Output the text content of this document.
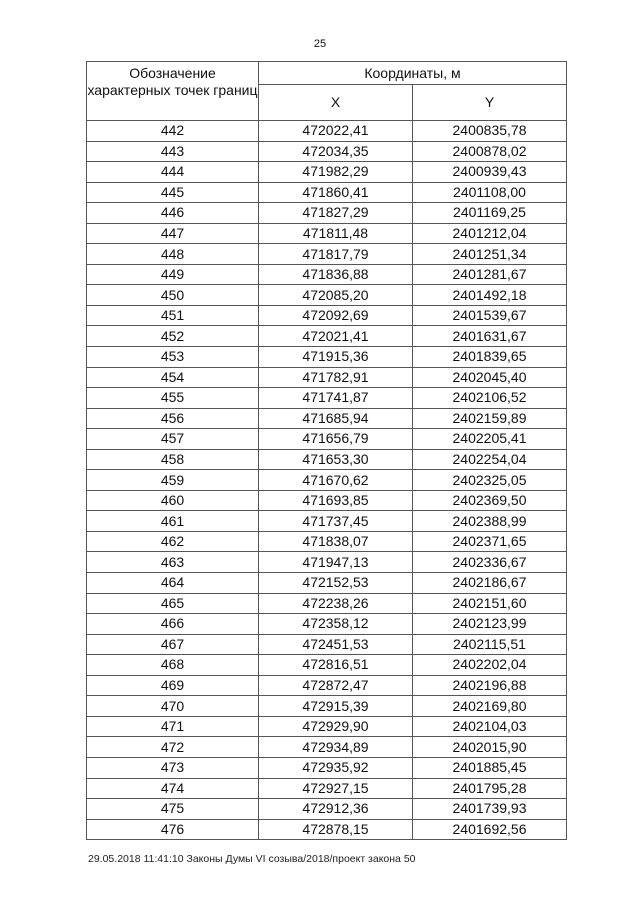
25
Обозначение характерных точек границ	Координаты, м	
	X	Y
442	472022,41	2400835,78
443	472034,35	2400878,02
444	471982,29	2400939,43
445	471860,41	2401108,00
446	471827,29	2401169,25
447	471811,48	2401212,04
448	471817,79	2401251,34
449	471836,88	2401281,67
450	472085,20	2401492,18
451	472092,69	2401539,67
452	472021,41	2401631,67
453	471915,36	2401839,65
454	471782,91	2402045,40
455	471741,87	2402106,52
456	471685,94	2402159,89
457	471656,79	2402205,41
458	471653,30	2402254,04
459	471670,62	2402325,05
460	471693,85	2402369,50
461	471737,45	2402388,99
462	471838,07	2402371,65
463	471947,13	2402336,67
464	472152,53	2402186,67
465	472238,26	2402151,60
466	472358,12	2402123,99
467	472451,53	2402115,51
468	472816,51	2402202,04
469	472872,47	2402196,88
470	472915,39	2402169,80
471	472929,90	2402104,03
472	472934,89	2402015,90
473	472935,92	2401885,45
474	472927,15	2401795,28
475	472912,36	2401739,93
476	472878,15	2401692,56
29.05.2018 11:41:10 Законы Думы VI созыва/2018/проект закона 50
